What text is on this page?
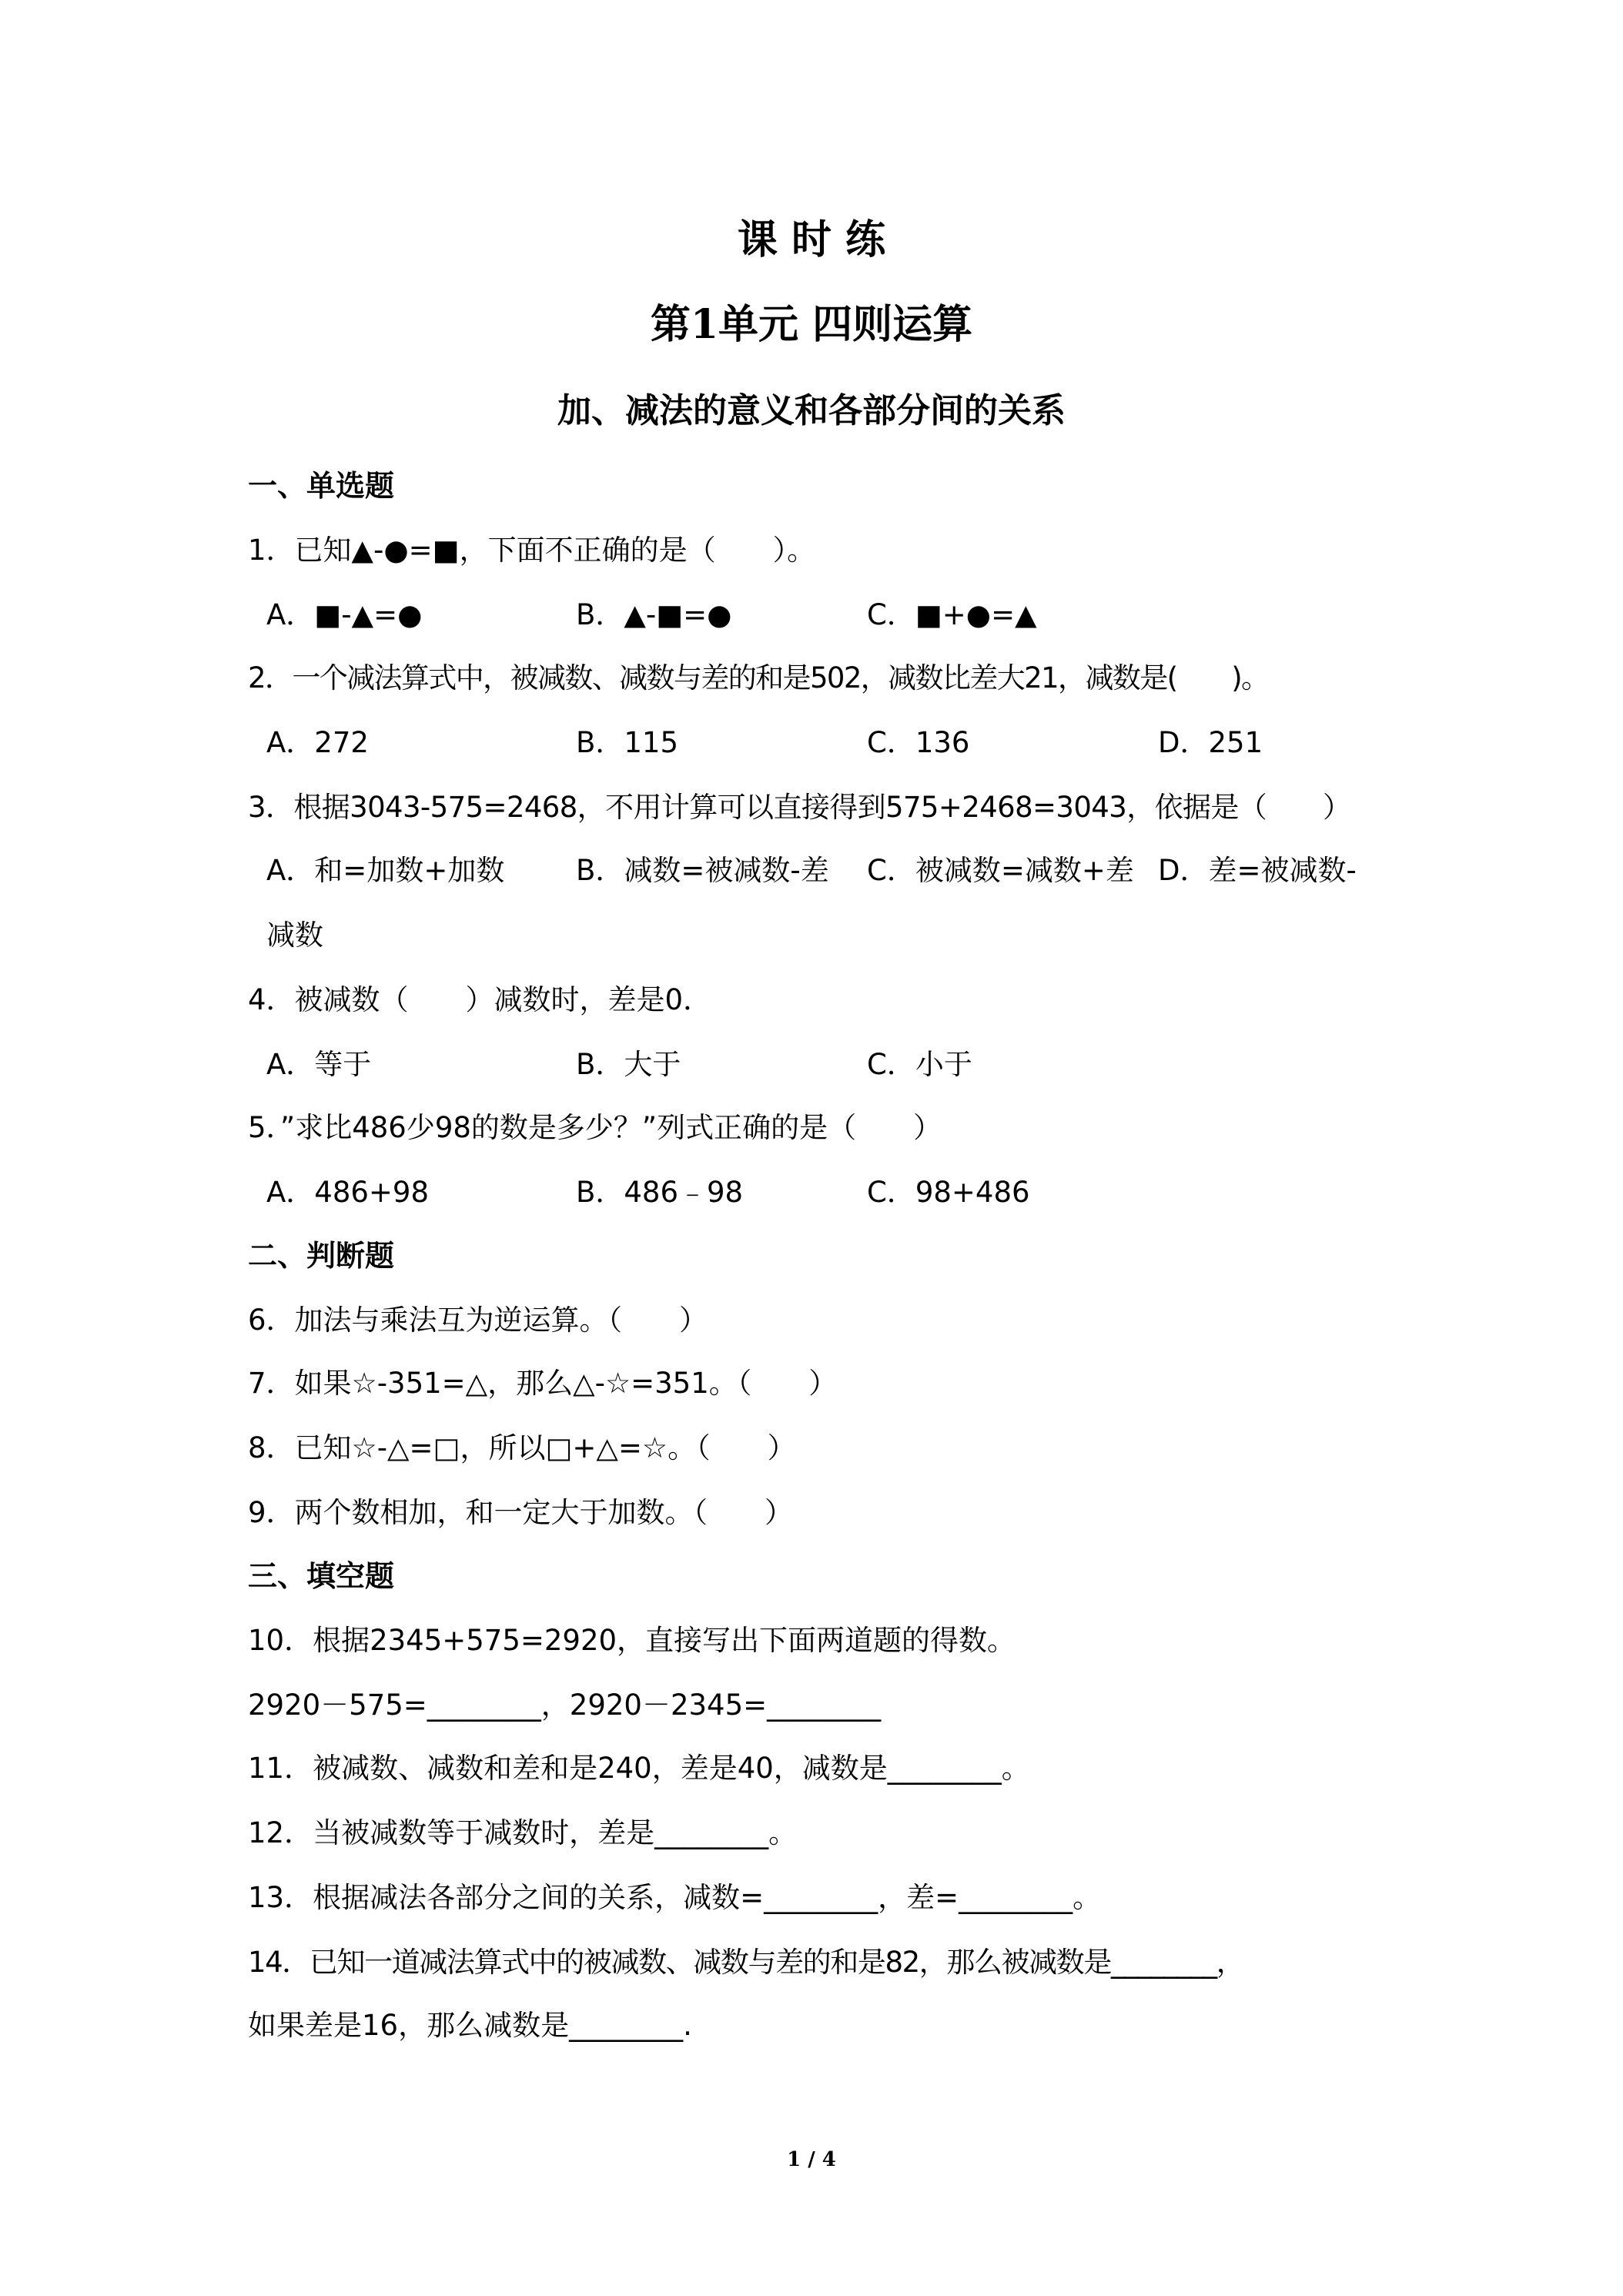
课 时 练
第1单元 四则运算
加、减法的意义和各部分间的关系
一、单选题
1．已知▲-●=■，下面不正确的是（　　）。
A．■-▲=●	B．▲-■=●	C．■+●=▲
2．一个减法算式中，被减数、减数与差的和是502，减数比差大21，减数是(　　)。
A．272	B．115	C．136	D．251
3．根据3043-575=2468，不用计算可以直接得到575+2468=3043，依据是（　　）
A．和=加数+加数	B．减数=被减数-差 C．被减数=减数+差 D．差=被减数-
减数
4．被减数（　　）减数时，差是0．
A．等于	B．大于	C．小于
5．”求比486少98的数是多少？”列式正确的是（　　）
A．486+98	B．486﹣98	C．98+486
二、判断题
6．加法与乘法互为逆运算。（　　）
7．如果☆-351=△，那么△-☆=351。（　　）
8．已知☆-△=□，所以□+△=☆。（　　）
9．两个数相加，和一定大于加数。（　　）
三、填空题
10．根据2345+575=2920，直接写出下面两道题的得数。
2920－575=________，2920－2345=________
11．被减数、减数和差和是240，差是40，减数是________。
12．当被减数等于减数时，差是________。
13．根据减法各部分之间的关系，减数=________，差=________。
14．已知一道减法算式中的被减数、减数与差的和是82，那么被减数是________，
如果差是16，那么减数是________.
1 / 4
